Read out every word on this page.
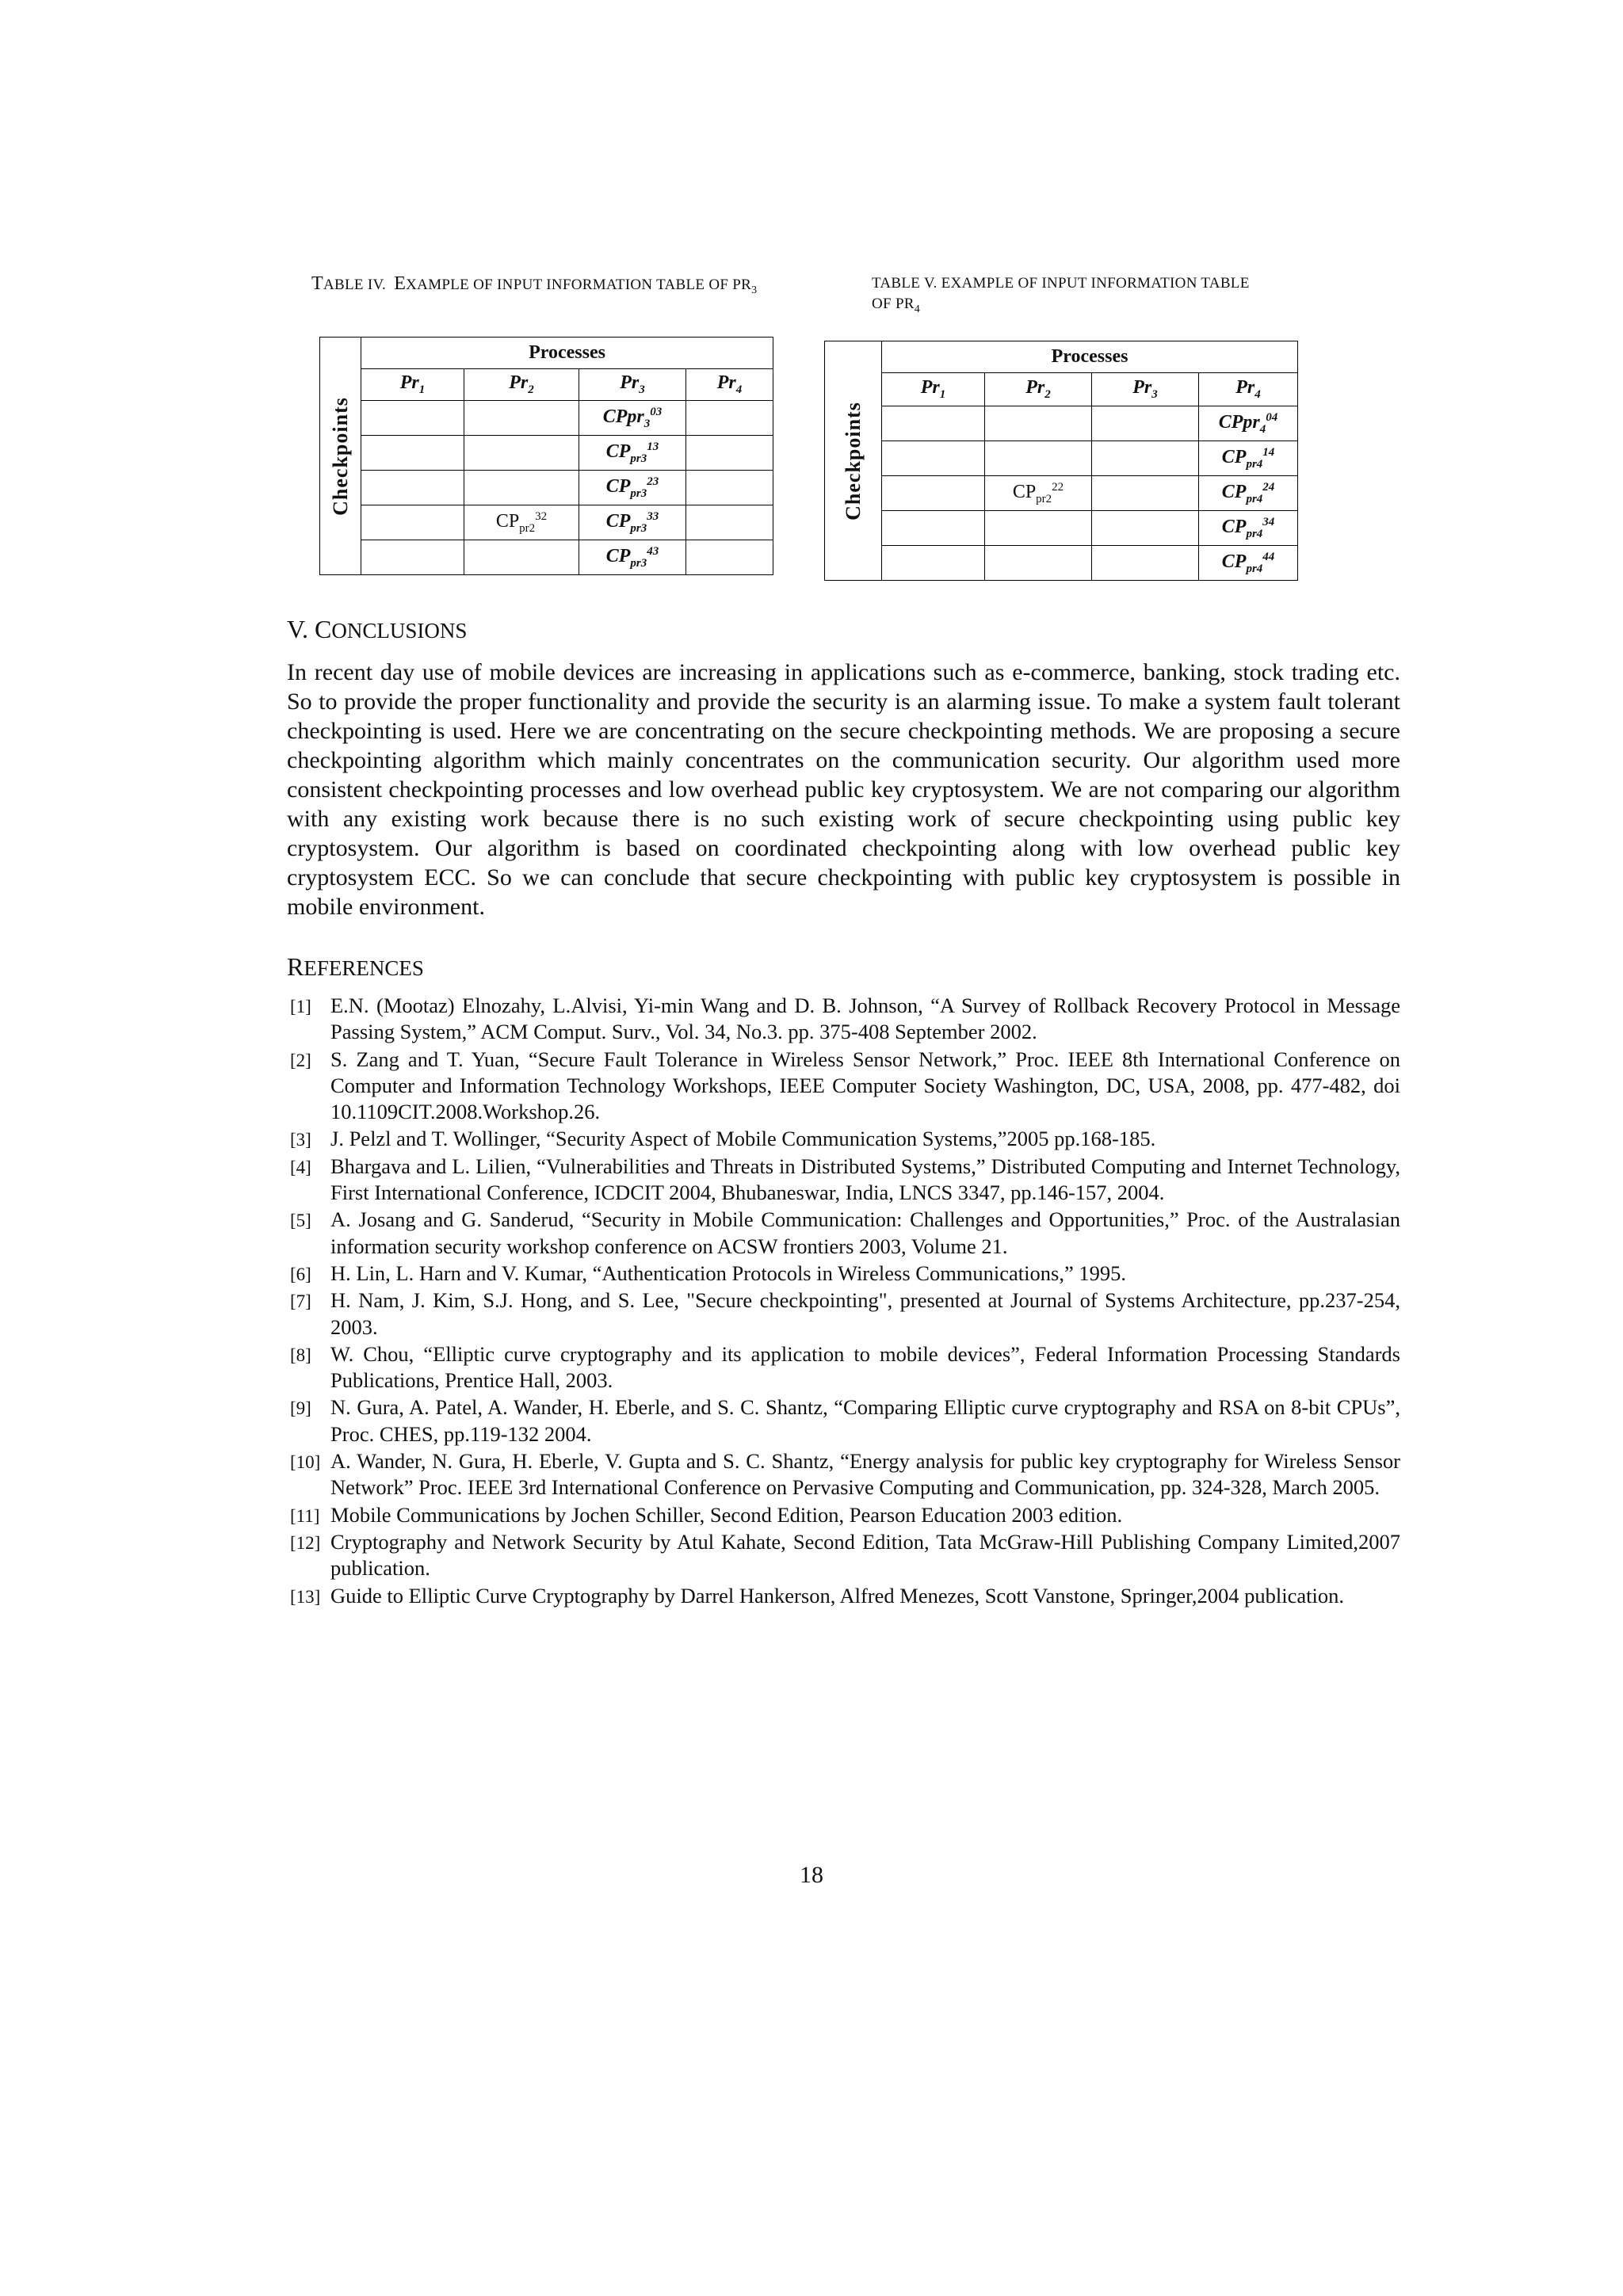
TABLE IV. EXAMPLE OF INPUT INFORMATION TABLE OF $PR_3$
Checkpoints	Processes			
	$Pr_1$	$Pr_2$	$Pr_3$	$Pr_4$
			CPpr$_3^{03}$	
			$CP_{pr3}^{13}$	
			$CP_{pr3}^{23}$	
		$CP_{pr2}^{32}$	$CP_{pr3}^{33}$	
			$CP_{pr3}^{43}$	
TABLE V. EXAMPLE OF INPUT INFORMATION TABLE
OF $PR_4$
Checkpoints	Processes			
	$Pr_1$	$Pr_2$	$Pr_3$	$Pr_4$
				CPpr$_4^{04}$
				$CP_{pr4}^{14}$
		$CP_{pr2}^{22}$		$CP_{pr4}^{24}$
				$CP_{pr4}^{34}$
				$CP_{pr4}^{44}$
V. CONCLUSIONS
In recent day use of mobile devices are increasing in applications such as e-commerce, banking, stock trading etc. So to provide the proper functionality and provide the security is an alarming issue. To make a system fault tolerant checkpointing is used. Here we are concentrating on the secure checkpointing methods. We are proposing a secure checkpointing algorithm which mainly concentrates on the communication security. Our algorithm used more consistent checkpointing processes and low overhead public key cryptosystem. We are not comparing our algorithm with any existing work because there is no such existing work of secure checkpointing using public key cryptosystem. Our algorithm is based on coordinated checkpointing along with low overhead public key cryptosystem ECC. So we can conclude that secure checkpointing with public key cryptosystem is possible in mobile environment.
REFERENCES
[1] E.N. (Mootaz) Elnozahy, L.Alvisi, Yi-min Wang and D. B. Johnson, “A Survey of Rollback Recovery Protocol in Message Passing System,” ACM Comput. Surv., Vol. 34, No.3. pp. 375-408 September 2002.
[2] S. Zang and T. Yuan, “Secure Fault Tolerance in Wireless Sensor Network,” Proc. IEEE 8th International Conference on Computer and Information Technology Workshops, IEEE Computer Society Washington, DC, USA, 2008, pp. 477-482, doi 10.1109CIT.2008.Workshop.26.
[3] J. Pelzl and T. Wollinger, “Security Aspect of Mobile Communication Systems,”2005 pp.168-185.
[4] Bhargava and L. Lilien, “Vulnerabilities and Threats in Distributed Systems,” Distributed Computing and Internet Technology, First International Conference, ICDCIT 2004, Bhubaneswar, India, LNCS 3347, pp.146-157, 2004.
[5] A. Josang and G. Sanderud, “Security in Mobile Communication: Challenges and Opportunities,” Proc. of the Australasian information security workshop conference on ACSW frontiers 2003, Volume 21.
[6] H. Lin, L. Harn and V. Kumar, “Authentication Protocols in Wireless Communications,” 1995.
[7] H. Nam, J. Kim, S.J. Hong, and S. Lee, "Secure checkpointing", presented at Journal of Systems Architecture, pp.237-254, 2003.
[8] W. Chou, “Elliptic curve cryptography and its application to mobile devices”, Federal Information Processing Standards Publications, Prentice Hall, 2003.
[9] N. Gura, A. Patel, A. Wander, H. Eberle, and S. C. Shantz, “Comparing Elliptic curve cryptography and RSA on 8-bit CPUs”, Proc. CHES, pp.119-132 2004.
[10] A. Wander, N. Gura, H. Eberle, V. Gupta and S. C. Shantz, “Energy analysis for public key cryptography for Wireless Sensor Network” Proc. IEEE 3rd International Conference on Pervasive Computing and Communication, pp. 324-328, March 2005.
[11] Mobile Communications by Jochen Schiller, Second Edition, Pearson Education 2003 edition.
[12] Cryptography and Network Security by Atul Kahate, Second Edition, Tata McGraw-Hill Publishing Company Limited,2007 publication.
[13] Guide to Elliptic Curve Cryptography by Darrel Hankerson, Alfred Menezes, Scott Vanstone, Springer,2004 publication.
18
